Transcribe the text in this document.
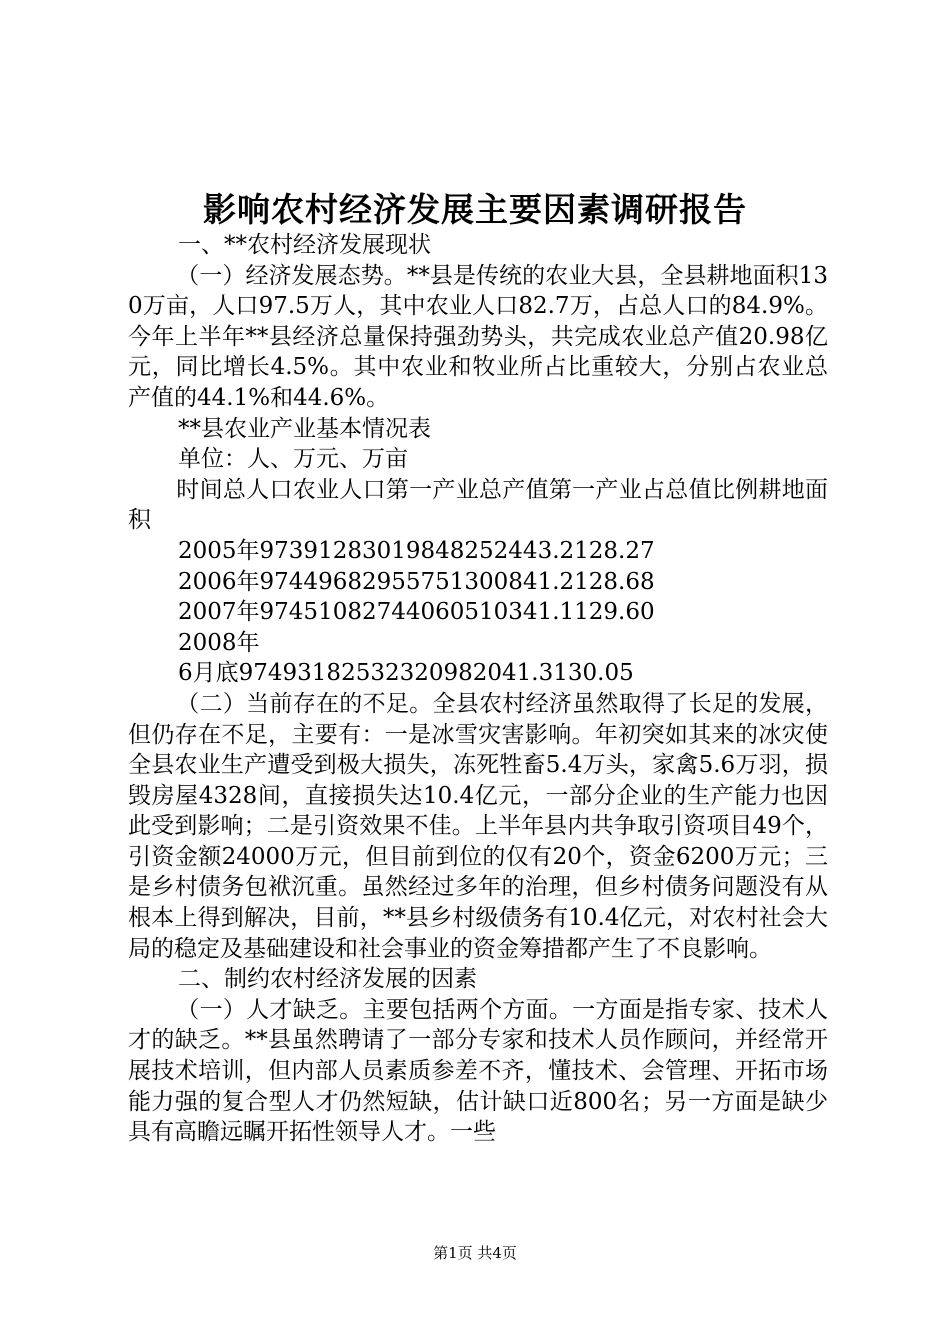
影响农村经济发展主要因素调研报告

一、**农村经济发展现状

（一）经济发展态势。**县是传统的农业大县，全县耕地面积130万亩，人口97.5万人，其中农业人口82.7万，占总人口的84.9%。今年上半年**县经济总量保持强劲势头，共完成农业总产值20.98亿元，同比增长4.5%。其中农业和牧业所占比重较大，分别占农业总产值的44.1%和44.6%。

**县农业产业基本情况表

单位：人、万元、万亩

时间总人口农业人口第一产业总产值第一产业占总值比例耕地面积

2005年97391283019848252443.2128.27

2006年97449682955751300841.2128.68

2007年97451082744060510341.1129.60

2008年

6月底97493182532320982041.3130.05

（二）当前存在的不足。全县农村经济虽然取得了长足的发展，但仍存在不足，主要有：一是冰雪灾害影响。年初突如其来的冰灾使全县农业生产遭受到极大损失，冻死牲畜5.4万头，家禽5.6万羽，损毁房屋4328间，直接损失达10.4亿元，一部分企业的生产能力也因此受到影响；二是引资效果不佳。上半年县内共争取引资项目49个，引资金额24000万元，但目前到位的仅有20个，资金6200万元；三是乡村债务包袱沉重。虽然经过多年的治理，但乡村债务问题没有从根本上得到解决，目前，**县乡村级债务有10.4亿元，对农村社会大局的稳定及基础建设和社会事业的资金筹措都产生了不良影响。

二、制约农村经济发展的因素

（一）人才缺乏。主要包括两个方面。一方面是指专家、技术人才的缺乏。**县虽然聘请了一部分专家和技术人员作顾问，并经常开展技术培训，但内部人员素质参差不齐，懂技术、会管理、开拓市场能力强的复合型人才仍然短缺，估计缺口近800名；另一方面是缺少具有高瞻远瞩开拓性领导人才。一些

第1页 共4页
